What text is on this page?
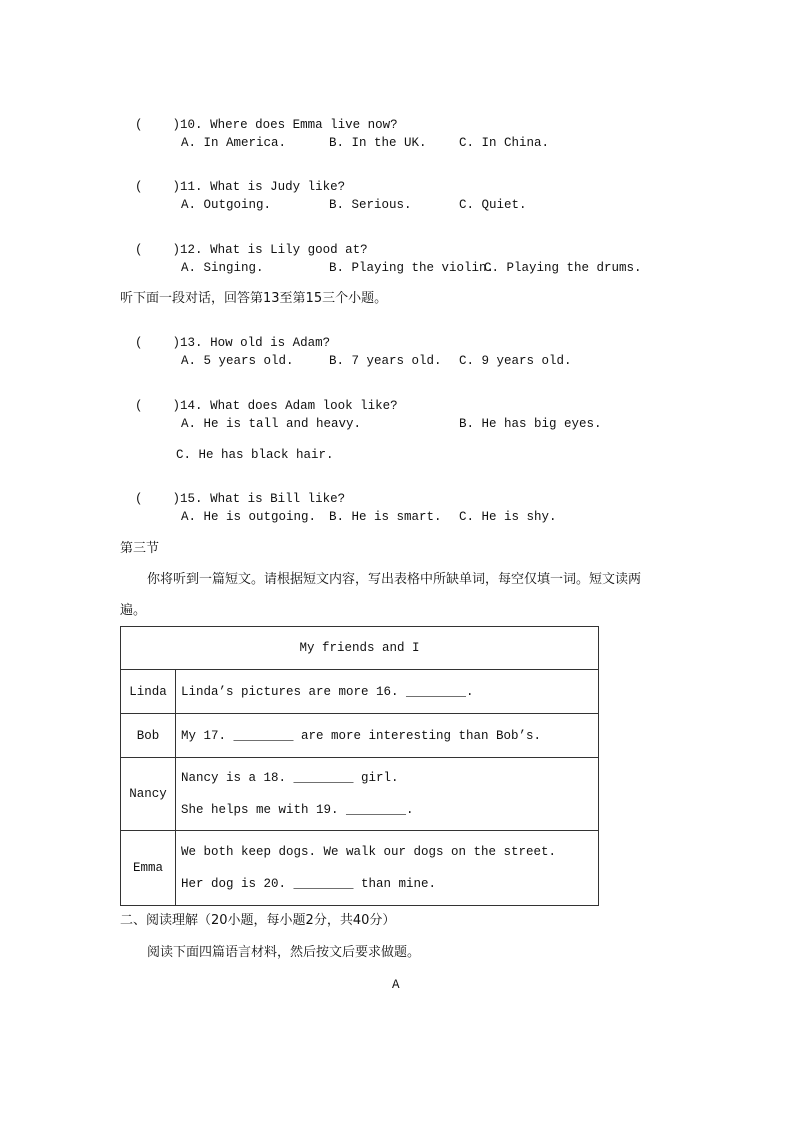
(    )10. Where does Emma live now?

A. In America.	B. In the UK.	C. In China.

(    )11. What is Judy like?

A. Outgoing.	B. Serious.	C. Quiet.

(    )12. What is Lily good at?

A. Singing.	B. Playing the violin.
C. Playing the drums.
听下面一段对话，回答第13至第15三个小题。

(    )13. How old is Adam?

A. 5 years old.	B. 7 years old. C. 9 years old.

(    )14. What does Adam look like?

A. He is tall and heavy.	B. He has big eyes.
C. He has black hair.

(    )15. What is Bill like?

A. He is outgoing. B. He is smart. C. He is shy.
第三节
你将听到一篇短文。请根据短文内容，写出表格中所缺单词，每空仅填一词。短文读两
遍。
My friends and I	
Linda	Linda’s pictures are more 16. ________.

Bob	My 17. ________ are more interesting than Bob’s.

Nancy	Nancy is a 18. ________ girl.
She helps me with 19. ________.

Emma	We both keep dogs. We walk our dogs on the street.
Her dog is 20. ________ than mine.
二、阅读理解（20小题，每小题2分，共40分）
阅读下面四篇语言材料，然后按文后要求做题。
A
